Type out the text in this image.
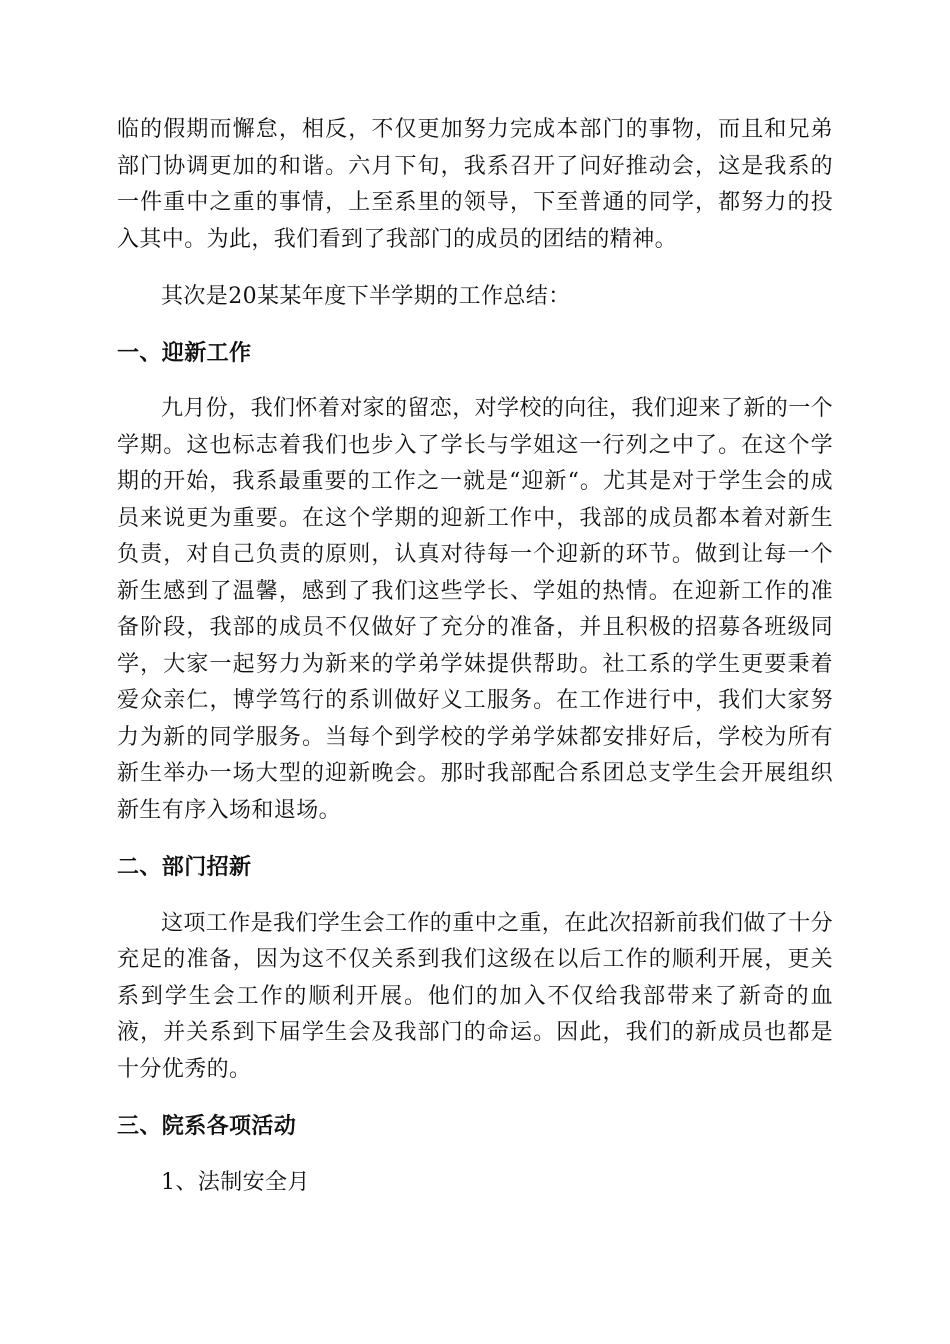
临的假期而懈怠，相反，不仅更加努力完成本部门的事物，而且和兄弟部门协调更加的和谐。六月下旬，我系召开了问好推动会，这是我系的一件重中之重的事情，上至系里的领导，下至普通的同学，都努力的投入其中。为此，我们看到了我部门的成员的团结的精神。

其次是20某某年度下半学期的工作总结：

一、迎新工作

九月份，我们怀着对家的留恋，对学校的向往，我们迎来了新的一个学期。这也标志着我们也步入了学长与学姐这一行列之中了。在这个学期的开始，我系最重要的工作之一就是“迎新“。尤其是对于学生会的成员来说更为重要。在这个学期的迎新工作中，我部的成员都本着对新生负责，对自己负责的原则，认真对待每一个迎新的环节。做到让每一个新生感到了温馨，感到了我们这些学长、学姐的热情。在迎新工作的准备阶段，我部的成员不仅做好了充分的准备，并且积极的招募各班级同学，大家一起努力为新来的学弟学妹提供帮助。社工系的学生更要秉着爱众亲仁，博学笃行的系训做好义工服务。在工作进行中，我们大家努力为新的同学服务。当每个到学校的学弟学妹都安排好后，学校为所有新生举办一场大型的迎新晚会。那时我部配合系团总支学生会开展组织新生有序入场和退场。

二、部门招新

这项工作是我们学生会工作的重中之重，在此次招新前我们做了十分充足的准备，因为这不仅关系到我们这级在以后工作的顺利开展，更关系到学生会工作的顺利开展。他们的加入不仅给我部带来了新奇的血液，并关系到下届学生会及我部门的命运。因此，我们的新成员也都是十分优秀的。

三、院系各项活动

1、法制安全月
